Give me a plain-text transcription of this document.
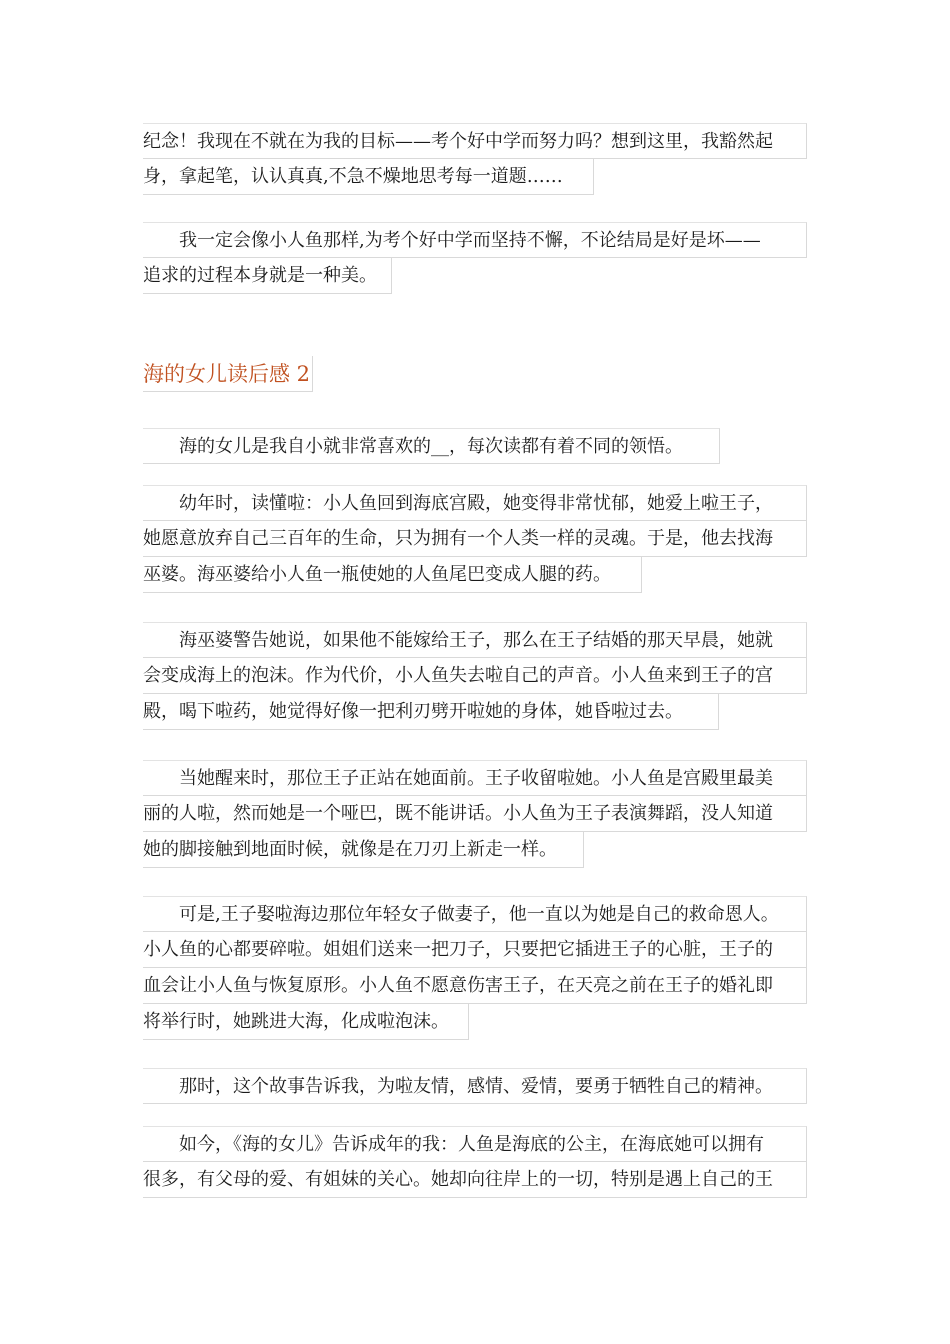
纪念！我现在不就在为我的目标——考个好中学而努力吗？想到这里，我豁然起
身，拿起笔，认认真真,不急不燥地思考每一道题……
　　我一定会像小人鱼那样,为考个好中学而坚持不懈，不论结局是好是坏——
追求的过程本身就是一种美。
海的女儿读后感 2
　　海的女儿是我自小就非常喜欢的__，每次读都有着不同的领悟。
　　幼年时，读懂啦：小人鱼回到海底宫殿，她变得非常忧郁，她爱上啦王子，
她愿意放弃自己三百年的生命，只为拥有一个人类一样的灵魂。于是，他去找海
巫婆。海巫婆给小人鱼一瓶使她的人鱼尾巴变成人腿的药。
　　海巫婆警告她说，如果他不能嫁给王子，那么在王子结婚的那天早晨，她就
会变成海上的泡沫。作为代价，小人鱼失去啦自己的声音。小人鱼来到王子的宫
殿，喝下啦药，她觉得好像一把利刃劈开啦她的身体，她昏啦过去。
　　当她醒来时，那位王子正站在她面前。王子收留啦她。小人鱼是宫殿里最美
丽的人啦，然而她是一个哑巴，既不能讲话。小人鱼为王子表演舞蹈，没人知道
她的脚接触到地面时候，就像是在刀刃上新走一样。
　　可是,王子娶啦海边那位年轻女子做妻子，他一直以为她是自己的救命恩人。
小人鱼的心都要碎啦。姐姐们送来一把刀子，只要把它插进王子的心脏，王子的
血会让小人鱼与恢复原形。小人鱼不愿意伤害王子，在天亮之前在王子的婚礼即
将举行时，她跳进大海，化成啦泡沫。
　　那时，这个故事告诉我，为啦友情，感情、爱情，要勇于牺牲自己的精神。
　　如今，《海的女儿》告诉成年的我：人鱼是海底的公主，在海底她可以拥有
很多，有父母的爱、有姐妹的关心。她却向往岸上的一切，特别是遇上自己的王
